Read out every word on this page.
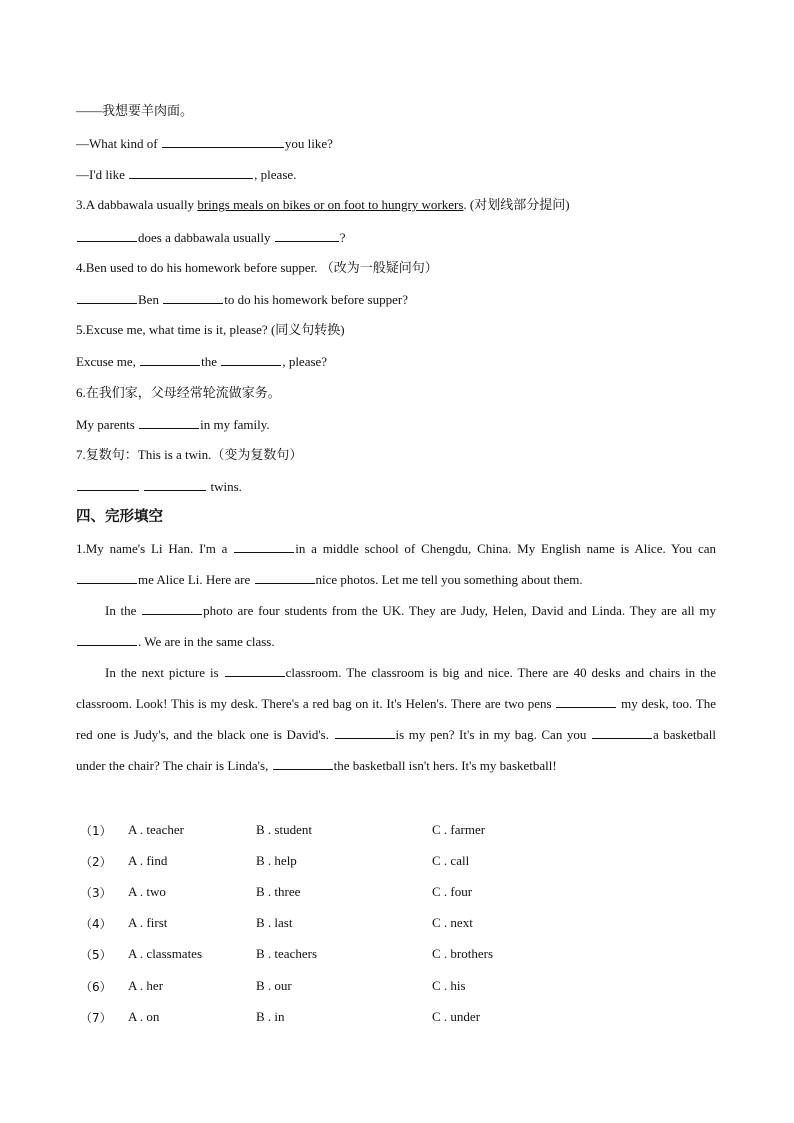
——我想要羊肉面。
—What kind of	you like?
—I'd like	, please.
3.A dabbawala usually brings meals on bikes or on foot to hungry workers. (对划线部分提问)
does a dabbawala usually	?
4.Ben used to do his homework before supper. （改为一般疑问句）
Ben	to do his homework before supper?
5.Excuse me, what time is it, please? (同义句转换)
Excuse me,	the	, please?
6.在我们家，父母经常轮流做家务。
My parents	in my family.
7.复数句：This is a twin.（变为复数句）
twins.
四、完形填空
1.My name's Li Han. I'm a	in a middle school of Chengdu, China. My English name is Alice. You can me Alice Li. Here are	nice photos. Let me tell you something about them.
In the	photo are four students from the UK. They are Judy, Helen, David and Linda. They are all my . We are in the same class.
In the next picture is	classroom. The classroom is big and nice. There are 40 desks and chairs in the classroom. Look! This is my desk. There's a red bag on it. It's Helen's. There are two pens	my desk, too. The red one is Judy's, and the black one is David's.	is my pen? It's in my bag. Can you	a basketball under the chair? The chair is Linda's,	the basketball isn't hers. It's my basketball!
（1） A . teacher	B . student	C . farmer
（2） A . find	B . help	C . call
（3） A . two	B . three	C . four
（4） A . first	B . last	C . next
（5） A . classmates	B . teachers	C . brothers
（6） A . her	B . our	C . his
（7） A . on	B . in	C . under
